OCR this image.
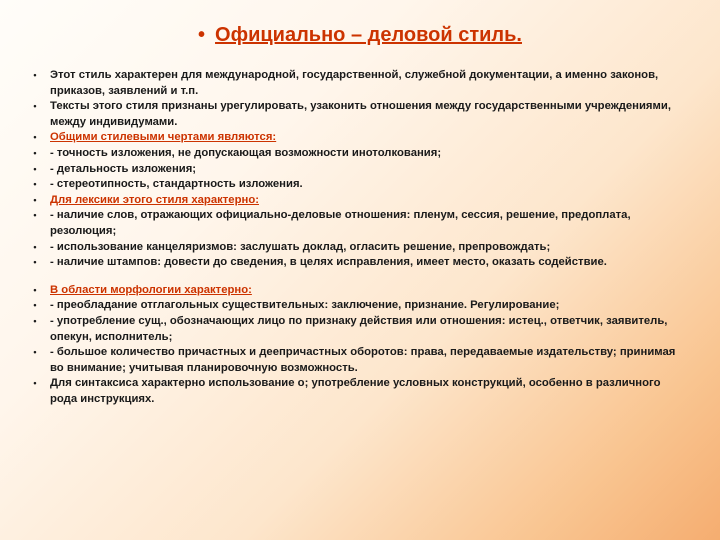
• Официально – деловой стиль.
•	Этот стиль характерен для международной, государственной, служебной документации, а именно законов, приказов, заявлений и т.п.
•	Тексты этого стиля признаны урегулировать, узаконить отношения между государственными учреждениями, между индивидумами.
•	Общими стилевыми чертами являются:
•	- точность изложения, не допускающая возможности инотолкования;
•	- детальность изложения;
•	- стереотипность, стандартность изложения.
•	Для лексики этого стиля характерно:
•	- наличие слов, отражающих официально-деловые отношения: пленум, сессия, решение, предоплата, резолюция;
•	- использование канцеляризмов: заслушать доклад, огласить решение, препровождать;
•	- наличие штампов: довести до сведения, в целях исправления, имеет место, оказать содействие.
•	В области морфологии характерно:
•	- преобладание отглагольных существительных: заключение, признание. Регулирование;
•	- употребление сущ., обозначающих лицо по признаку действия или отношения: истец., ответчик, заявитель, опекун, исполнитель;
•	- большое количество причастных и деепричастных оборотов: права, передаваемые издательству; принимая во внимание; учитывая планировочную возможность.
•	Для синтаксиса характерно использование о; употребление условных конструкций, особенно в различного рода инструкциях.
